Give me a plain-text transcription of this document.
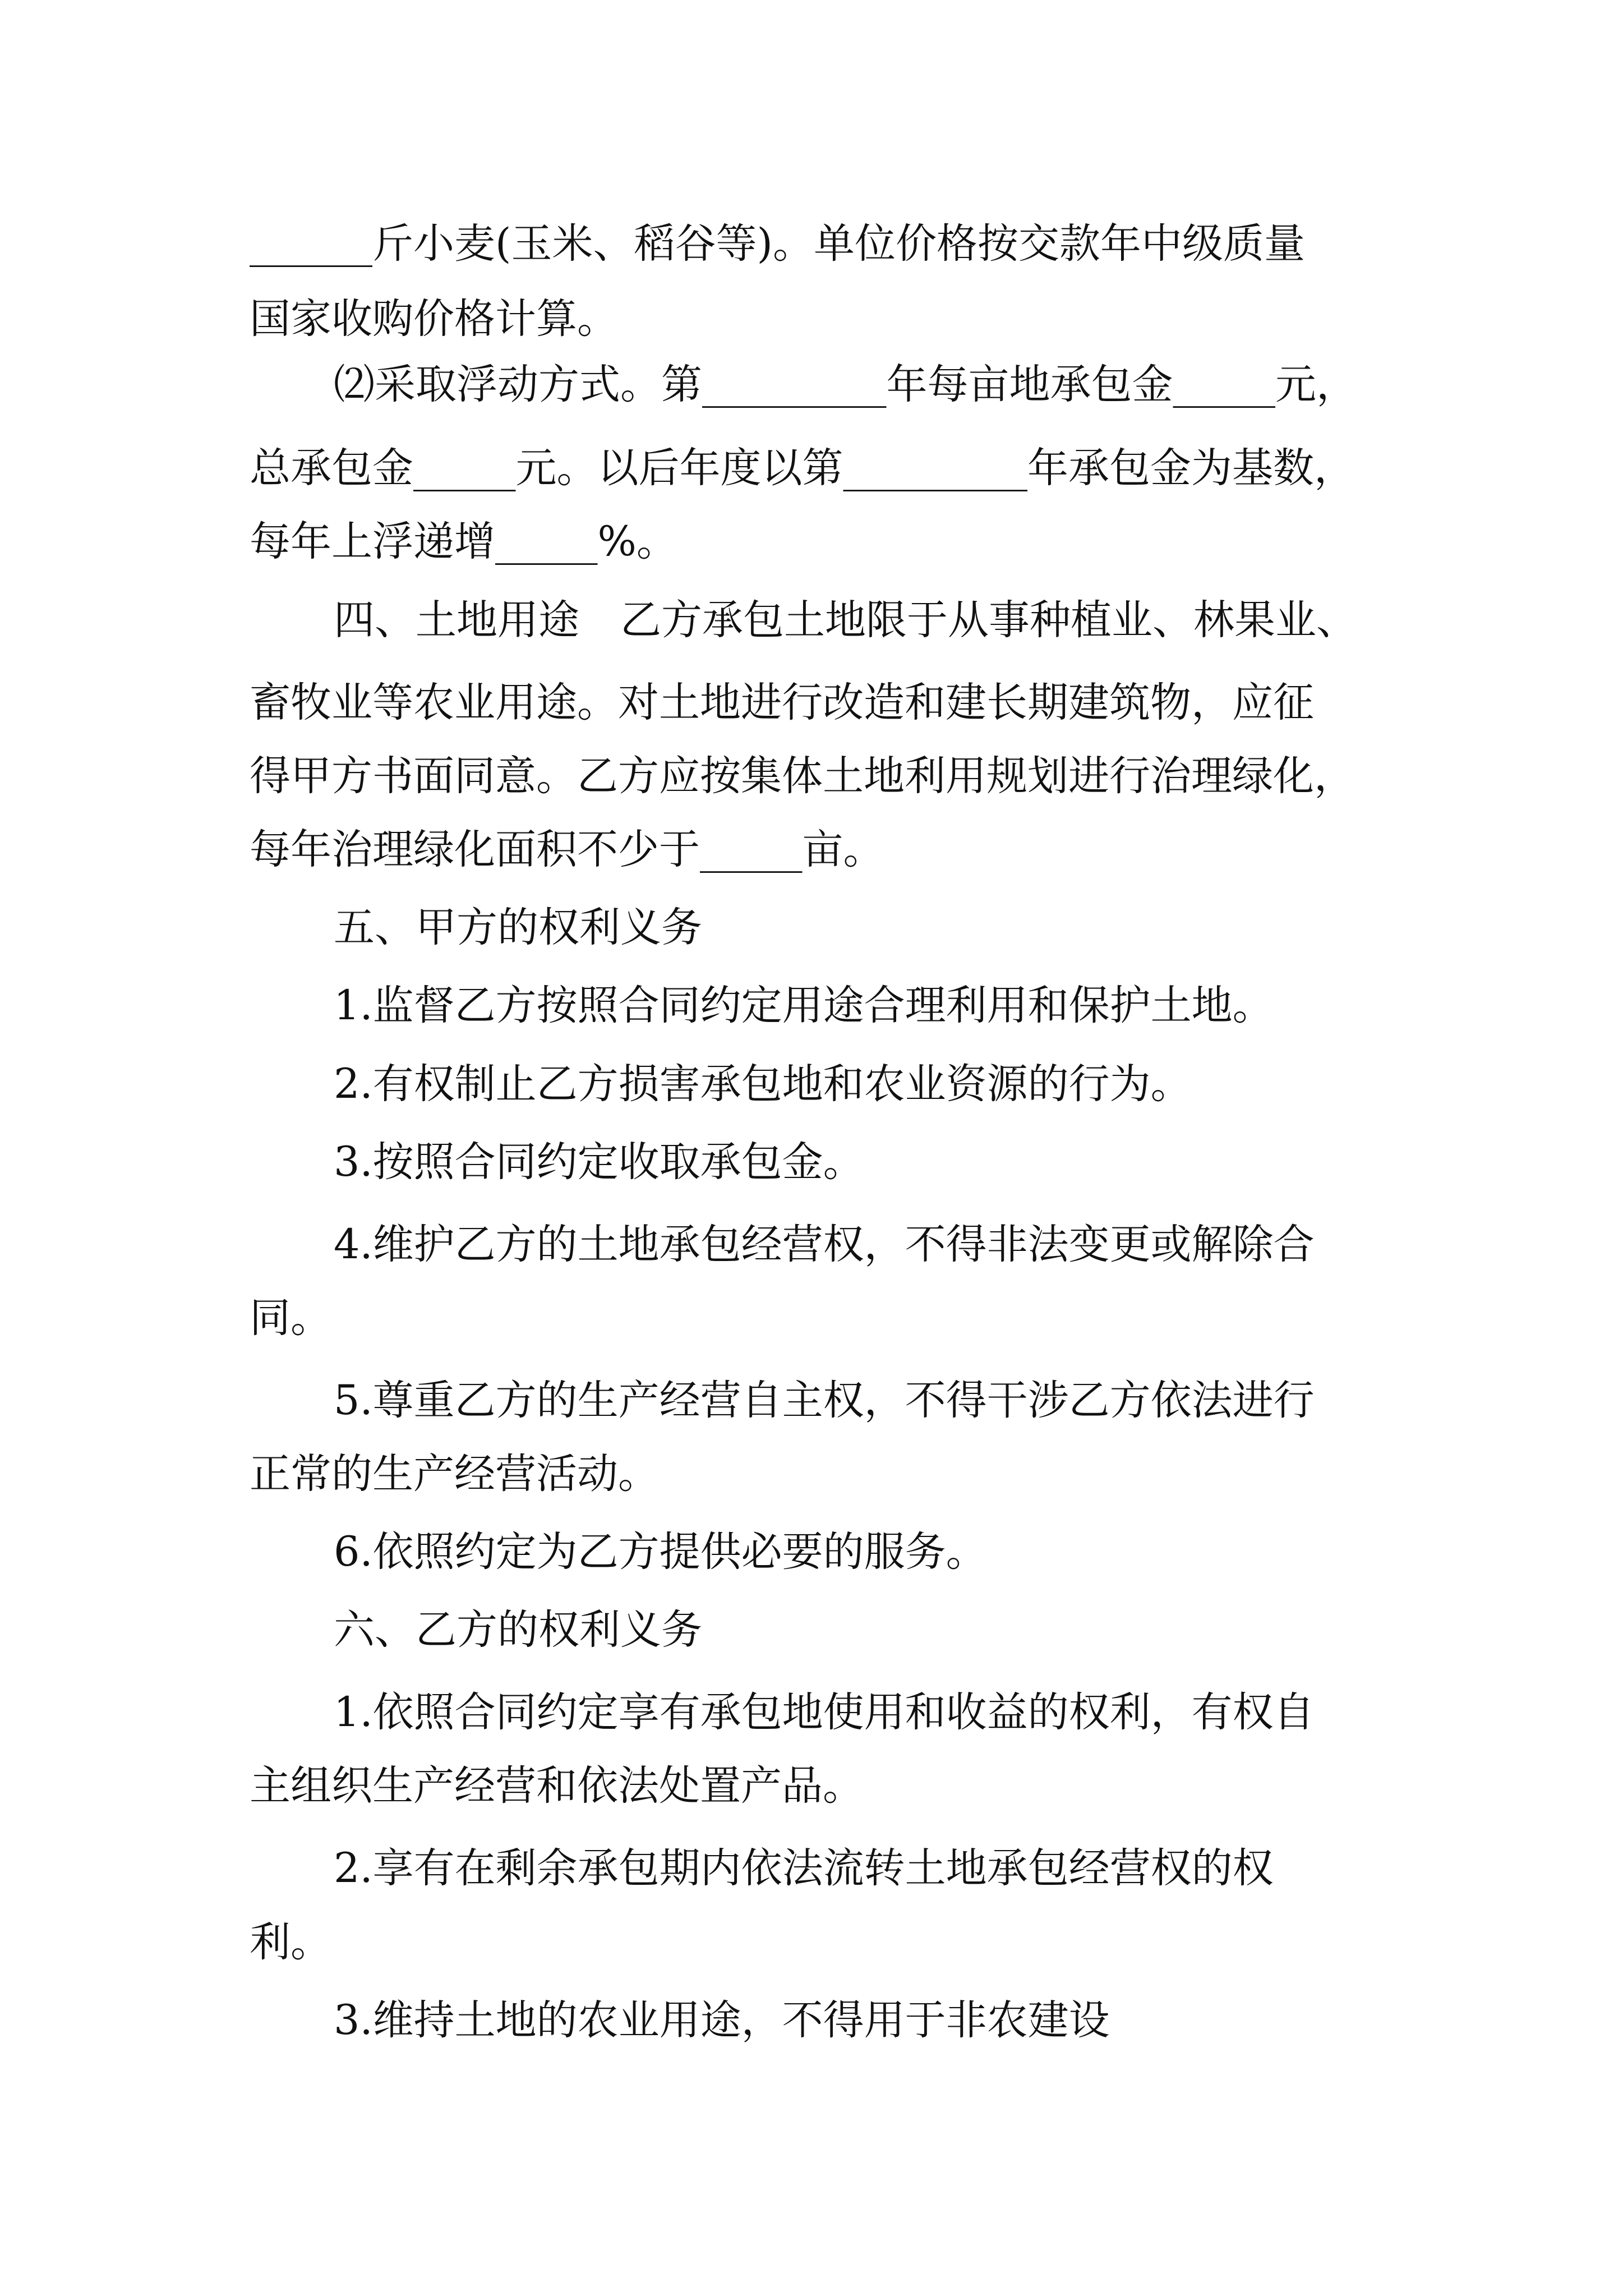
______斤小麦(玉米、稻谷等)。单位价格按交款年中级质量
国家收购价格计算。
⑵采取浮动方式。第_________年每亩地承包金_____元，
总承包金_____元。以后年度以第_________年承包金为基数，
每年上浮递增_____%。
四、土地用途　乙方承包土地限于从事种植业、林果业、
畜牧业等农业用途。对土地进行改造和建长期建筑物，应征
得甲方书面同意。乙方应按集体土地利用规划进行治理绿化，
每年治理绿化面积不少于_____亩。
五、甲方的权利义务
1.监督乙方按照合同约定用途合理利用和保护土地。
2.有权制止乙方损害承包地和农业资源的行为。
3.按照合同约定收取承包金。
4.维护乙方的土地承包经营权，不得非法变更或解除合
同。
5.尊重乙方的生产经营自主权，不得干涉乙方依法进行
正常的生产经营活动。
6.依照约定为乙方提供必要的服务。
六、乙方的权利义务
1.依照合同约定享有承包地使用和收益的权利，有权自
主组织生产经营和依法处置产品。
2.享有在剩余承包期内依法流转土地承包经营权的权
利。
3.维持土地的农业用途，不得用于非农建设
